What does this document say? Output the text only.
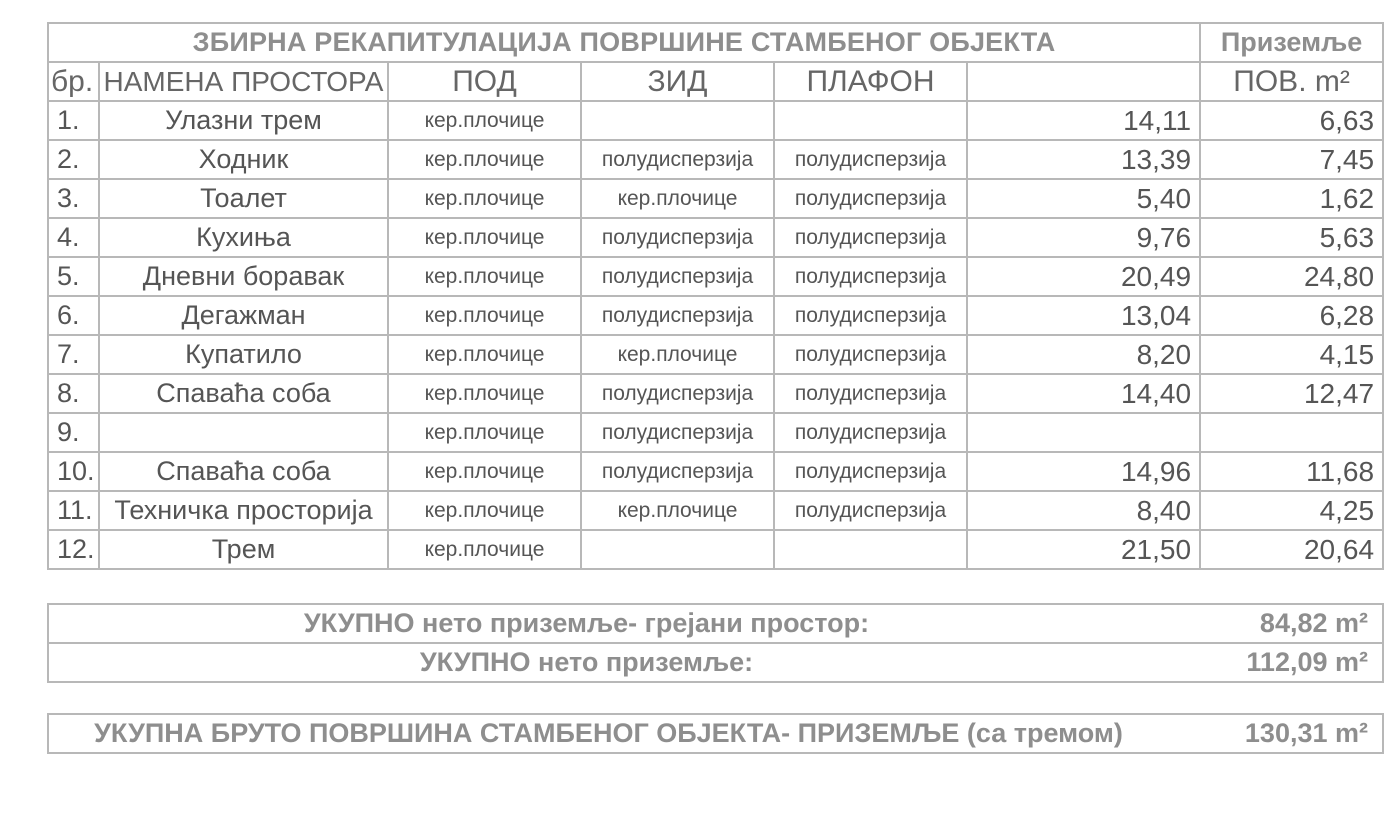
ЗБИРНА РЕКАПИТУЛАЦИЈА ПОВРШИНЕ СТАМБЕНОГ ОБЈЕКТА						Приземље
бр.	НАМЕНА ПРОСТОРА	ПОД	ЗИД	ПЛАФОН		ПОВ. m²
1.	Улазни трем	кер.плочице			14,11	6,63
2.	Ходник	кер.плочице	полудисперзија	полудисперзија	13,39	7,45
3.	Тоалет	кер.плочице	кер.плочице	полудисперзија	5,40	1,62
4.	Кухиња	кер.плочице	полудисперзија	полудисперзија	9,76	5,63
5.	Дневни боравак	кер.плочице	полудисперзија	полудисперзија	20,49	24,80
6.	Дегажман	кер.плочице	полудисперзија	полудисперзија	13,04	6,28
7.	Купатило	кер.плочице	кер.плочице	полудисперзија	8,20	4,15
8.	Спаваћа соба	кер.плочице	полудисперзија	полудисперзија	14,40	12,47
9.		кер.плочице	полудисперзија	полудисперзија		
10.	Спаваћа соба	кер.плочице	полудисперзија	полудисперзија	14,96	11,68
11.	Техничка просторија	кер.плочице	кер.плочице	полудисперзија	8,40	4,25
12.	Трем	кер.плочице			21,50	20,64
УКУПНО нето приземље- грејани простор:	84,82 m²
УКУПНО нето приземље:	112,09 m²
УКУПНА БРУТО ПОВРШИНА СТАМБЕНОГ ОБЈЕКТА- ПРИЗЕМЉЕ (са тремом)	130,31 m²
